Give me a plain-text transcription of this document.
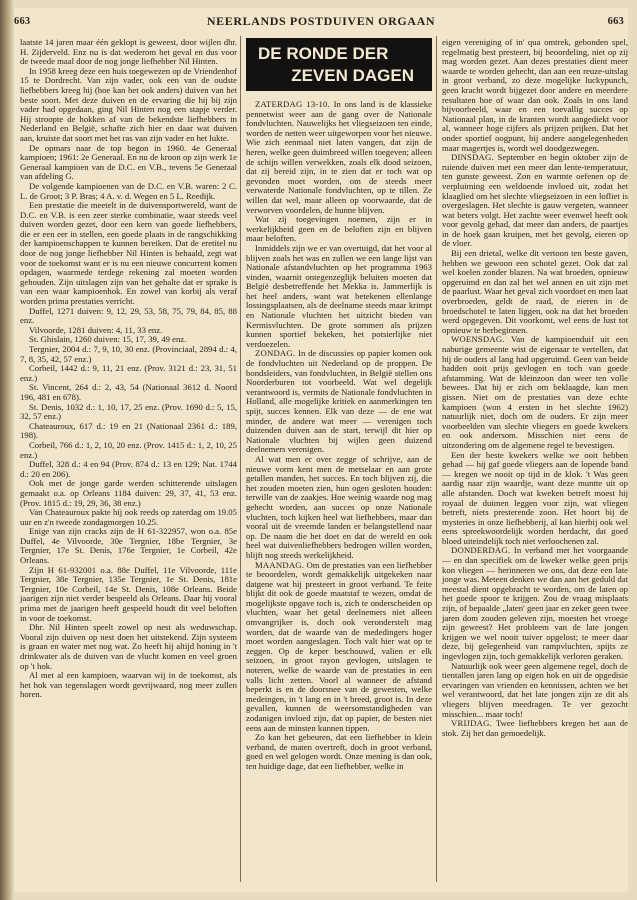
663	NEERLANDS POSTDUIVEN ORGAAN	663

laatste 14 jaren maar één geklopt is geweest, door wijlen dhr. H. Zijderveld. Enz nu is dat wederom het geval en dus voor de tweede maal door de nog jonge liefhebber Nil Hinten.

In 1958 kreeg deze een huis toegewezen op de Vriendenhof 15 te Dordrecht. Van zijn vader, ook een van de oudste liefhebbers kreeg hij (hoe kan het ook anders) duiven van het beste soort. Met deze duiven en de ervaring die hij bij zijn vader had opgedaan, ging Nil Hinten nog een stapje verder. Hij stroopte de hokken af van de bekendste liefhebbers in Nederland en België, schafte zich hier en daar wat duiven aan, kruiste dat soort met het ras van zijn vader en het lukte.

De opmars naar de top begon in 1960. 4e Generaal kampioen; 1961: 2e Generaal. En nu de kroon op zijn werk 1e Generaal kampioen van de D.C. en V.B., tevens 5e Generaal van afdeling G.

De volgende kampioenen van de D.C. en V.B. waren: 2 C. L. de Groot; 3 P. Bras; 4 A. v. d. Wegen en 5 L. Reedijk.

Een prestatie die meetelt in de duivensportwereld, want de D.C. en V.B. is een zeer sterke combinatie, waar steeds veel duiven worden gezet, door een kern van goede liefhebbers, die er een eer in stellen, een goede plaats in de rangschikking der kampioenschappen te kunnen bereiken. Dat de eretitel nu door de nog jonge liefhebber Nil Hinten is behaald, zegt wat voor de toekomst want er is nu een nieuwe concurrent komen opdagen, waarmede terdege rekening zal moeten worden gehouden. Zijn uitslagen zijn van het gehalte dat er sprake is van een waar kampioenhok. En zowel van korbij als veraf worden prima prestaties verricht.

Duffel, 1271 duiven: 9, 12, 29, 53, 58, 75, 79, 84, 85, 88 enz.

Vilvoorde, 1281 duiven: 4, 11, 33 enz.

St. Ghislain, 1260 duiven: 15, 17, 39, 49 enz.

Tergnier, 2004 d.: 7, 9, 10, 30 enz. (Provinciaal, 2894 d.: 4, 7, 8, 35, 42, 57 enz.)

Corbeil, 1442 d.: 9, 11, 21 enz. (Prov. 3121 d.: 23, 31, 51 enz.)

St. Vincent, 264 d.: 2, 43, 54 (Nationaal 3612 d. Noord 196, 481 en 678).

St. Denis, 1032 d.: 1, 10, 17, 25 enz. (Prov. 1690 d.: 5, 15, 32, 57 enz.)

Chateauroux, 617 d.: 19 en 21 (Nationaal 2361 d.: 189, 198).

Corbeil, 766 d.: 1, 2, 10, 20 enz. (Prov. 1415 d.: 1, 2, 10, 25 enz.)

Duffel, 328 d.: 4 en 94 (Prov. 874 d.: 13 en 129; Nat. 1744 d.: 20 en 206).

Ook met de jonge garde werden schitterende uitslagen gemaakt o.a. op Orleans 1184 duiven: 29, 37, 41, 53 enz. (Prov. 1815 d.: 19, 29, 36, 38 enz.)

Van Chateauroux pakte hij ook reeds op zaterdag om 19.05 uur en z'n tweede zondagmorgen 10.25.

Enige van zijn cracks zijn de H 61-322957, won o.a. 85e Duffel, 4e Vilvoorde, 30e Tergnier, 18be Tergnier, 3e Tergnier, 17e St. Denis, 176e Tergnier, 1e Corbeil, 42e Orleans.

Zijn H 61-932001 o.a. 88e Duffel, 11e Vilvoorde, 111e Tergnier, 38e Tergnier, 135e Tergnier, 1e St. Denis, 181e Tergnier, 10e Corbeil, 14e St. Denis, 108e Orleans. Beide jaarigen zijn niet verder bespeeld als Orleans. Daar hij vooral prima met de jaarigen heeft gespeeld houdt dit veel beloften in voor de toekomst.

Dhr. Nil Hinten speelt zowel op nest als weduwschap. Vooral zijn duiven op nest doen het uitstekend. Zijn systeem is graan en water met nog wat. Zo heeft hij altijd honing in 't drinkwater als de duiven van de vlucht komen en veel groen op 't hok.

Al met al een kampioen, waarvan wij in de toekomst, als het hok van tegenslagen wordt gevrijwaard, nog meer zullen horen.

DE RONDE DER
ZEVEN DAGEN

ZATERDAG 13-10. In ons land is de klassieke pennetwist weer aan de gang over de Nationale fondvluchten. Nauwelijks het vliegseizoen ten einde, worden de netten weer uitgeworpen voor het nieuwe. Wie zich eenmaal niet laten vangen, dat zijn de heren, welke geen duimbreed willen toegeven; alleen de schijn willen verwekken, zoals elk dood seizoen, dat zij bereid zijn, in te zien dat er toch wat op gevonden moet worden, om de steeds meer verwaterde Nationale fondvluchten, op te tillen. Ze willen dat wel, maar alleen op voorwaarde, dat de verworven voordelen, de hunne blijven.

Wat zij toegevingen noemen, zijn er in werkelijkheid geen en de beloften zijn en blijven maar beloften.

Inmiddels zijn we er van overtuigd, dat het voor al blijven zoals het was en zullen we een lange lijst van Nationale afstandvluchten op het programma 1963 vinden, waarnit ontegenzeglijk beluiten moeten dat België desbetreffende het Mekka is. Jammerlijk is het heel anders, want wat betekenen ellenlange lossingsplaatsen, als de deelname steeds maar krimpt en Nationale vluchten het uitzicht bieden van Kermisvluchten. De grote sommen als prijzen kunnen sportief bekeken, het potsierlijke niet verdoezelen.

ZONDAG. In de discussies op papier komen ook de fondvluchten uit Nederland op de proppen. De bondsleiders, van fondvluchten, in België stellen ons Noorderburen tot voorbeeld. Wat wel degelijk verantwoord is, vermits de Nationale fondvluchten in Holland, alle mogelijke kritiek en aanmerkingen ten spijt, succes kennen. Elk van deze — de ene wat minder, de andere wat meer — verenigen toch duizenden duiven aan de start, terwijl dit hier op Nationale vluchten bij wijlen geen duizend deelnemers verenigen.

Al wat men er over zegge of schrijve, aan de nieuwe vorm kent men de metselaar en aan grote getallen manden, het succes. En toch blijven zij, die het zouden moeten zien, hun ogen gesloten houden: terwille van de zaakjes. Hoe weinig waarde nog mag gehecht worden, aan succes op onze Nationale vluchten, toch kijken heel wat liefhebbers, maar dan vooral uit de vreemde landen er belangstellend naar op. De naam die het doet en dat de wereld en ook heel wat duivenliefhebbers bedrogen willen worden, blijft nog steeds werkelijkheid.

MAANDAG. Om de prestaties van een liefhebber te beoordelen, wordt gemakkelijk uitgekeken naar datgene wat hij presteert in groot verband. Te feite blijkt dit ook de goede maatstaf te wezen, omdat de mogelijkste opgave toch is, zich te onderscheiden op vluchten, waar het getal deelnemers niet alleen omvangrijker is, doch ook veronderstelt mag worden, dat de waarde van de mededingers hoger moet worden aangeslagen. Toch valt hier wat op te zeggen. Op de keper beschouwd, valien er elk seizoen, in groot rayon gevlogen, uitslagen te noteren, welke de waarde van de prestaties in een valls licht zetten. Voorl al wanneer de afstand beperkt is en de doorsnee van de gewesten, welke medeingen, in 't lang en in 't breed, groot is. In deze gevallen, kunnen de weersomstandigheden van zodanigen invloed zijn, dat op papier, de besten niet eens aan de minsten kunnen tippen.

Zo kan het gebeuren, dat een liefhebber in klein verband, de maten overtreft, doch in groot verband, goed en wel gelogen wordt. Onze mening is dan ook, ten huidige dage, dat een liefhebber, welke in

eigen vereniging of in' qua omtrek, gebonden spel, regelmatig best presteert, bij beoordeling, niet op zij mag worden gezet. Aan dezes prestaties dient meer waarde te worden gehecht, dan aan een reuze-uitslag in groot verband, zo deze mogelijke luckypunch, geen kracht wordt bijgezet door andere en meerdere resultaten hoe of waar dan ook. Zoals in ons land bijvoorbeeld, waar en een toevallig succes op Nationaal plan, in de kranten wordt aangediekt voor al, wanneer hoge cijfers als prijzen prijken. Dat het onder sportief oogpunt, bij andere aangelegenheden maar magertjes is, wordt wel doodgezwegen.

DINSDAG. September en begin oktober zijn de ruiende duiven met een meer dan lente-temperatuur, ten gunste geweest. Zon en warmte oefenen op de verpluiming een weldoende invloed uit, zodat het klaaglied om het slechte vliegseizoen in een lofliet is overgeslagen. Het slechte is gauw vergeten, wanneer wat beters volgt. Het zachte weer evenwel heeft ook voor gevolg gehad, dat meer dan anders, de paartjes in de hoek gaan kruipen, met het gevolg, eieren op de vloer.

Bij een drietal, welke dit vertoon ten beste gaven, hebben we gewoon een schotel gezet. Ook dat zal wel koelen zonder blazen. Na wat broeden, opnieuw opgeruimd en dan zal het wel annen en uit zijn met de paarlust. Waar het geval zich voordoet en men laat overbroeden, geldt de raad, de eieren in de broedschotel te laten liggen, ook na dat het broeden werd opgegeven. Dit voorkomt, wel eens de lust tot opnieuw te herbeginnen.

WOENSDAG. Van de kampioenduif uit een naburige gemeente wist de eigenaar te vertellen, dat hij de ouders al lang had opgeruimd. Geen van beide hadden ooit prijs gevlogen en toch van goede afstamming. Wat de kleinzoon dan weer ten volle bewees. Dat hij er zich om beklaagde, kan men gissen. Niet om de prestaties van deze echte kampioen (won 4 ersten in het slechte 1962) natuurlijk niet, doch om de ouders. Er zijn meer voorbeelden van slechte vliegers en goede kwekers en ook andersom. Misschien niet eens de uitzondering om de algemene regel te bevestigen.

Een der beste kwekers welke we ooit hebben gehad — hij gaf goede vliegers aan de lopende band — kregen we nooit op tijd in de klok. 't Was geen aardig naar zijn waardje, want deze muntte uit op alle afstanden. Doch wat kweken betreft moest hij royaal de duimen leggen voor zijn, wat vliegen betreft, niets presterende zoon. Het hoort bij de mysteries in onze liefhebberij, al kan hierbij ook wel eens spreekwoordelijk worden herdacht, dat goed bloed uiteindelijk toch niet verloochenen zal.

DONDERDAG. In verband met het voorgaande — en dan specifiek om de kweker welke geen prijs kon vliegen — herinneren we ons, dat deze een late jonge was. Meteen denken we dan aan het geduld dat meestal dient opgebracht te worden, om de laten op het goede spoor te krijgen. Zou de vraag misplaats zijn, of bepaalde „laten' geen jaar en zeker geen twee jaren dom zouden geleven zijn, moesten het vroege zijn geweest? Het probleem van de late jongen krijgen we wel nooit tuiver opgelost; te meer daar deze, bij gelegenheid van rampvluchten, spijts ze ingevlogen zijn, toch gemakkelijk verloren geraken.

Natuurlijk ook weer geen algemene regel, doch de tientallen jaren lang op eigen hok en uit de opgedisie ervaringen van vrienden en kennissen, achten we het wel verantwoord, dat het late jongen zijn ze dit als vliegers blijven meedragen. Te ver gezocht misschien... maar toch!

VRIJDAG. Twee liefhebbers kregen het aan de stok. Zij het dan gemoedelijk.
